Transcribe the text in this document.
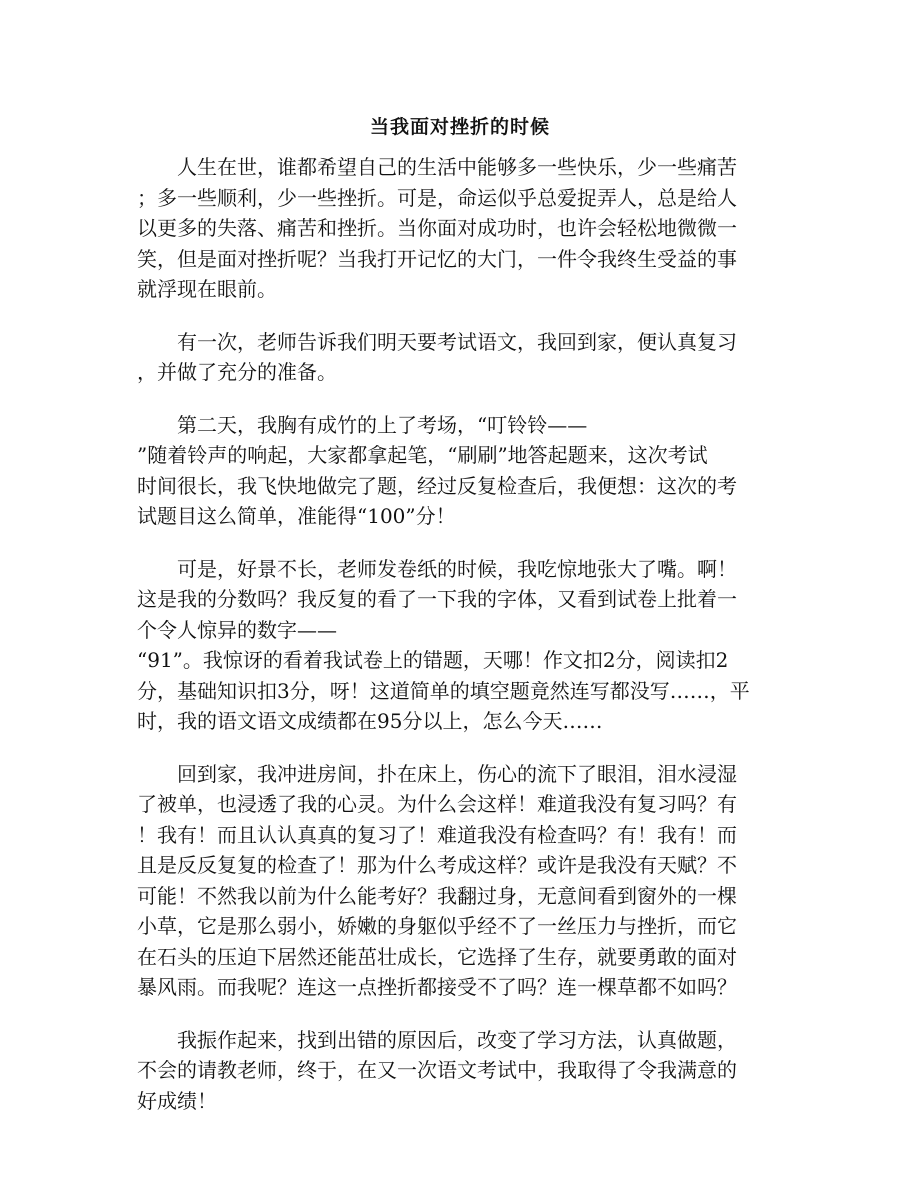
当我面对挫折的时候

人生在世，谁都希望自己的生活中能够多一些快乐，少一些痛苦
；多一些顺利，少一些挫折。可是，命运似乎总爱捉弄人，总是给人
以更多的失落、痛苦和挫折。当你面对成功时，也许会轻松地微微一
笑，但是面对挫折呢？当我打开记忆的大门，一件令我终生受益的事
就浮现在眼前。

有一次，老师告诉我们明天要考试语文，我回到家，便认真复习
，并做了充分的准备。

第二天，我胸有成竹的上了考场，“叮铃铃——
”随着铃声的响起，大家都拿起笔，“刷刷”地答起题来，这次考试
时间很长，我飞快地做完了题，经过反复检查后，我便想：这次的考
试题目这么简单，准能得“100”分！

可是，好景不长，老师发卷纸的时候，我吃惊地张大了嘴。啊！
这是我的分数吗？我反复的看了一下我的字体，又看到试卷上批着一
个令人惊异的数字——
“91”。我惊讶的看着我试卷上的错题，天哪！作文扣2分，阅读扣2
分，基础知识扣3分，呀！这道简单的填空题竟然连写都没写……，平
时，我的语文语文成绩都在95分以上，怎么今天……

回到家，我冲进房间，扑在床上，伤心的流下了眼泪，泪水浸湿
了被单，也浸透了我的心灵。为什么会这样！难道我没有复习吗？有
！我有！而且认认真真的复习了！难道我没有检查吗？有！我有！而
且是反反复复的检查了！那为什么考成这样？或许是我没有天赋？不
可能！不然我以前为什么能考好？我翻过身，无意间看到窗外的一棵
小草，它是那么弱小，娇嫩的身躯似乎经不了一丝压力与挫折，而它
在石头的压迫下居然还能茁壮成长，它选择了生存，就要勇敢的面对
暴风雨。而我呢？连这一点挫折都接受不了吗？连一棵草都不如吗？

我振作起来，找到出错的原因后，改变了学习方法，认真做题，
不会的请教老师，终于，在又一次语文考试中，我取得了令我满意的
好成绩！
